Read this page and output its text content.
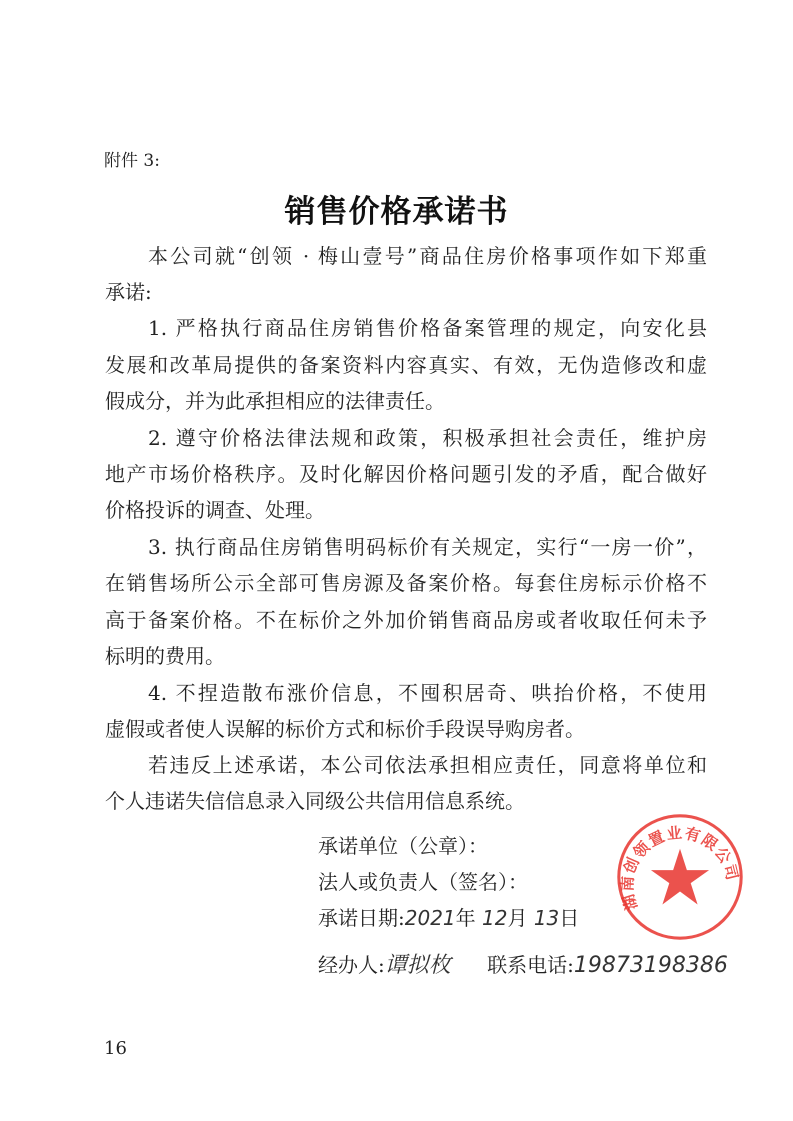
附件 3:
销售价格承诺书
本公司就“创领 · 梅山壹号”商品住房价格事项作如下郑重
承诺:
1. 严格执行商品住房销售价格备案管理的规定，向安化县
发展和改革局提供的备案资料内容真实、有效，无伪造修改和虚
假成分，并为此承担相应的法律责任。
2. 遵守价格法律法规和政策，积极承担社会责任，维护房
地产市场价格秩序。及时化解因价格问题引发的矛盾，配合做好
价格投诉的调查、处理。
3. 执行商品住房销售明码标价有关规定，实行“一房一价”，
在销售场所公示全部可售房源及备案价格。每套住房标示价格不
高于备案价格。不在标价之外加价销售商品房或者收取任何未予
标明的费用。
4. 不捏造散布涨价信息，不囤积居奇、哄抬价格，不使用
虚假或者使人误解的标价方式和标价手段误导购房者。
若违反上述承诺，本公司依法承担相应责任，同意将单位和
个人违诺失信信息录入同级公共信用信息系统。
承诺单位（公章）：
法人或负责人（签名）：
承诺日期:2021年 12月 13日
经办人:谭拟枚 联系电话:19873198386
湖南创领置业有限公司
16
